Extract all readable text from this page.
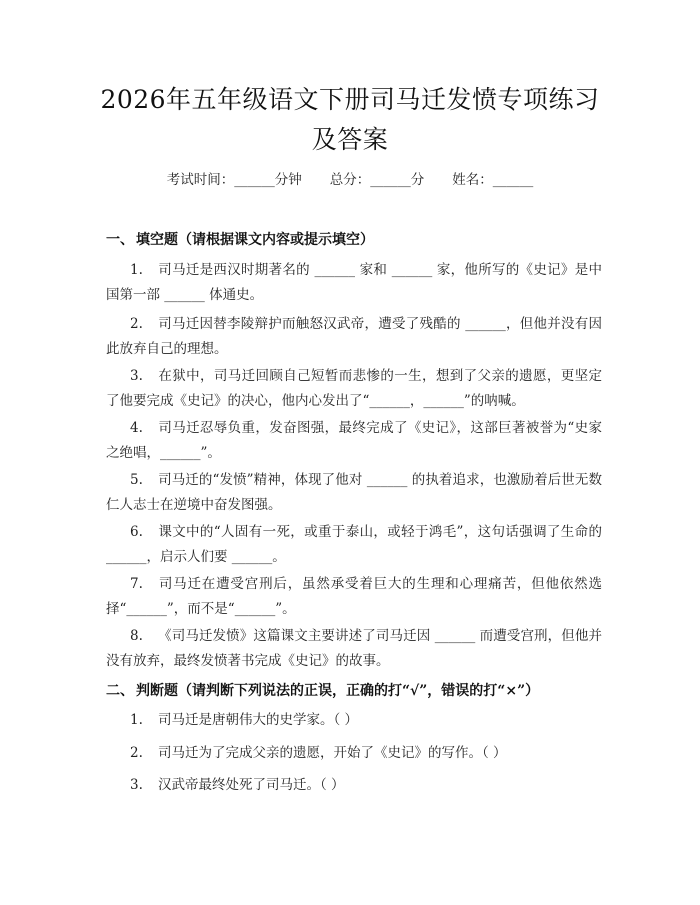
2026年五年级语文下册司马迁发愤专项练习及答案
考试时间：______分钟 总分：______分 姓名：______
一、 填空题（请根据课文内容或提示填空）
1. 司马迁是西汉时期著名的 ______ 家和 ______ 家，他所写的《史记》是中国第一部 ______ 体通史。
2. 司马迁因替李陵辩护而触怒汉武帝，遭受了残酷的 ______，但他并没有因此放弃自己的理想。
3. 在狱中，司马迁回顾自己短暂而悲惨的一生，想到了父亲的遗愿，更坚定了他要完成《史记》的决心，他内心发出了“______，______”的呐喊。
4. 司马迁忍辱负重，发奋图强，最终完成了《史记》，这部巨著被誉为“史家之绝唱，______”。
5. 司马迁的“发愤”精神，体现了他对 ______ 的执着追求，也激励着后世无数仁人志士在逆境中奋发图强。
6. 课文中的“人固有一死，或重于泰山，或轻于鸿毛”，这句话强调了生命的 ______，启示人们要 ______。
7. 司马迁在遭受宫刑后，虽然承受着巨大的生理和心理痛苦，但他依然选择“______”，而不是“______”。
8. 《司马迁发愤》这篇课文主要讲述了司马迁因 ______ 而遭受宫刑，但他并没有放弃，最终发愤著书完成《史记》的故事。
二、 判断题（请判断下列说法的正误，正确的打“√”，错误的打“×”）
1. 司马迁是唐朝伟大的史学家。（ ）
2. 司马迁为了完成父亲的遗愿，开始了《史记》的写作。（ ）
3. 汉武帝最终处死了司马迁。（ ）
